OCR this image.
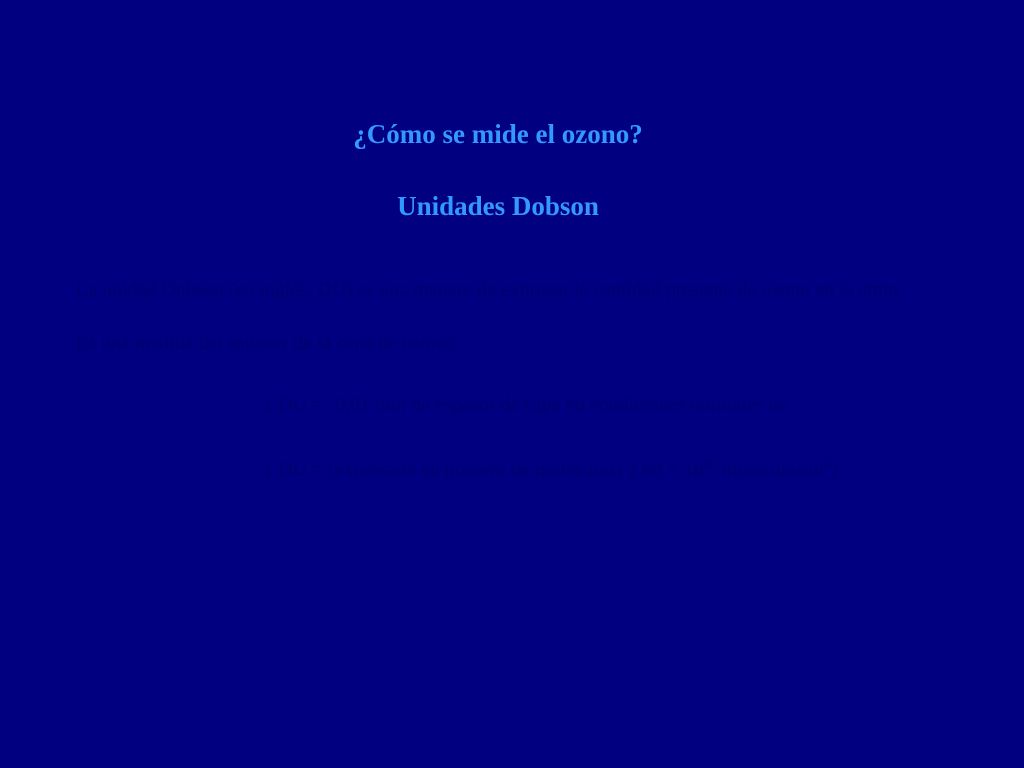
¿Cómo se mide el ozono?
Unidades Dobson
La unidad Dobson (en inglés, DU) es una manera de expresar la cantidad presente de ozono en la atmo
Es una medida del espesor de la capa de ozono:
1 DU = 0,01 mm de espesor de capa en condiciones normales de
1 DU = (expresado en número de moléculas) $2,69 \times 10^{20}$ moléculas/$m^2$)
